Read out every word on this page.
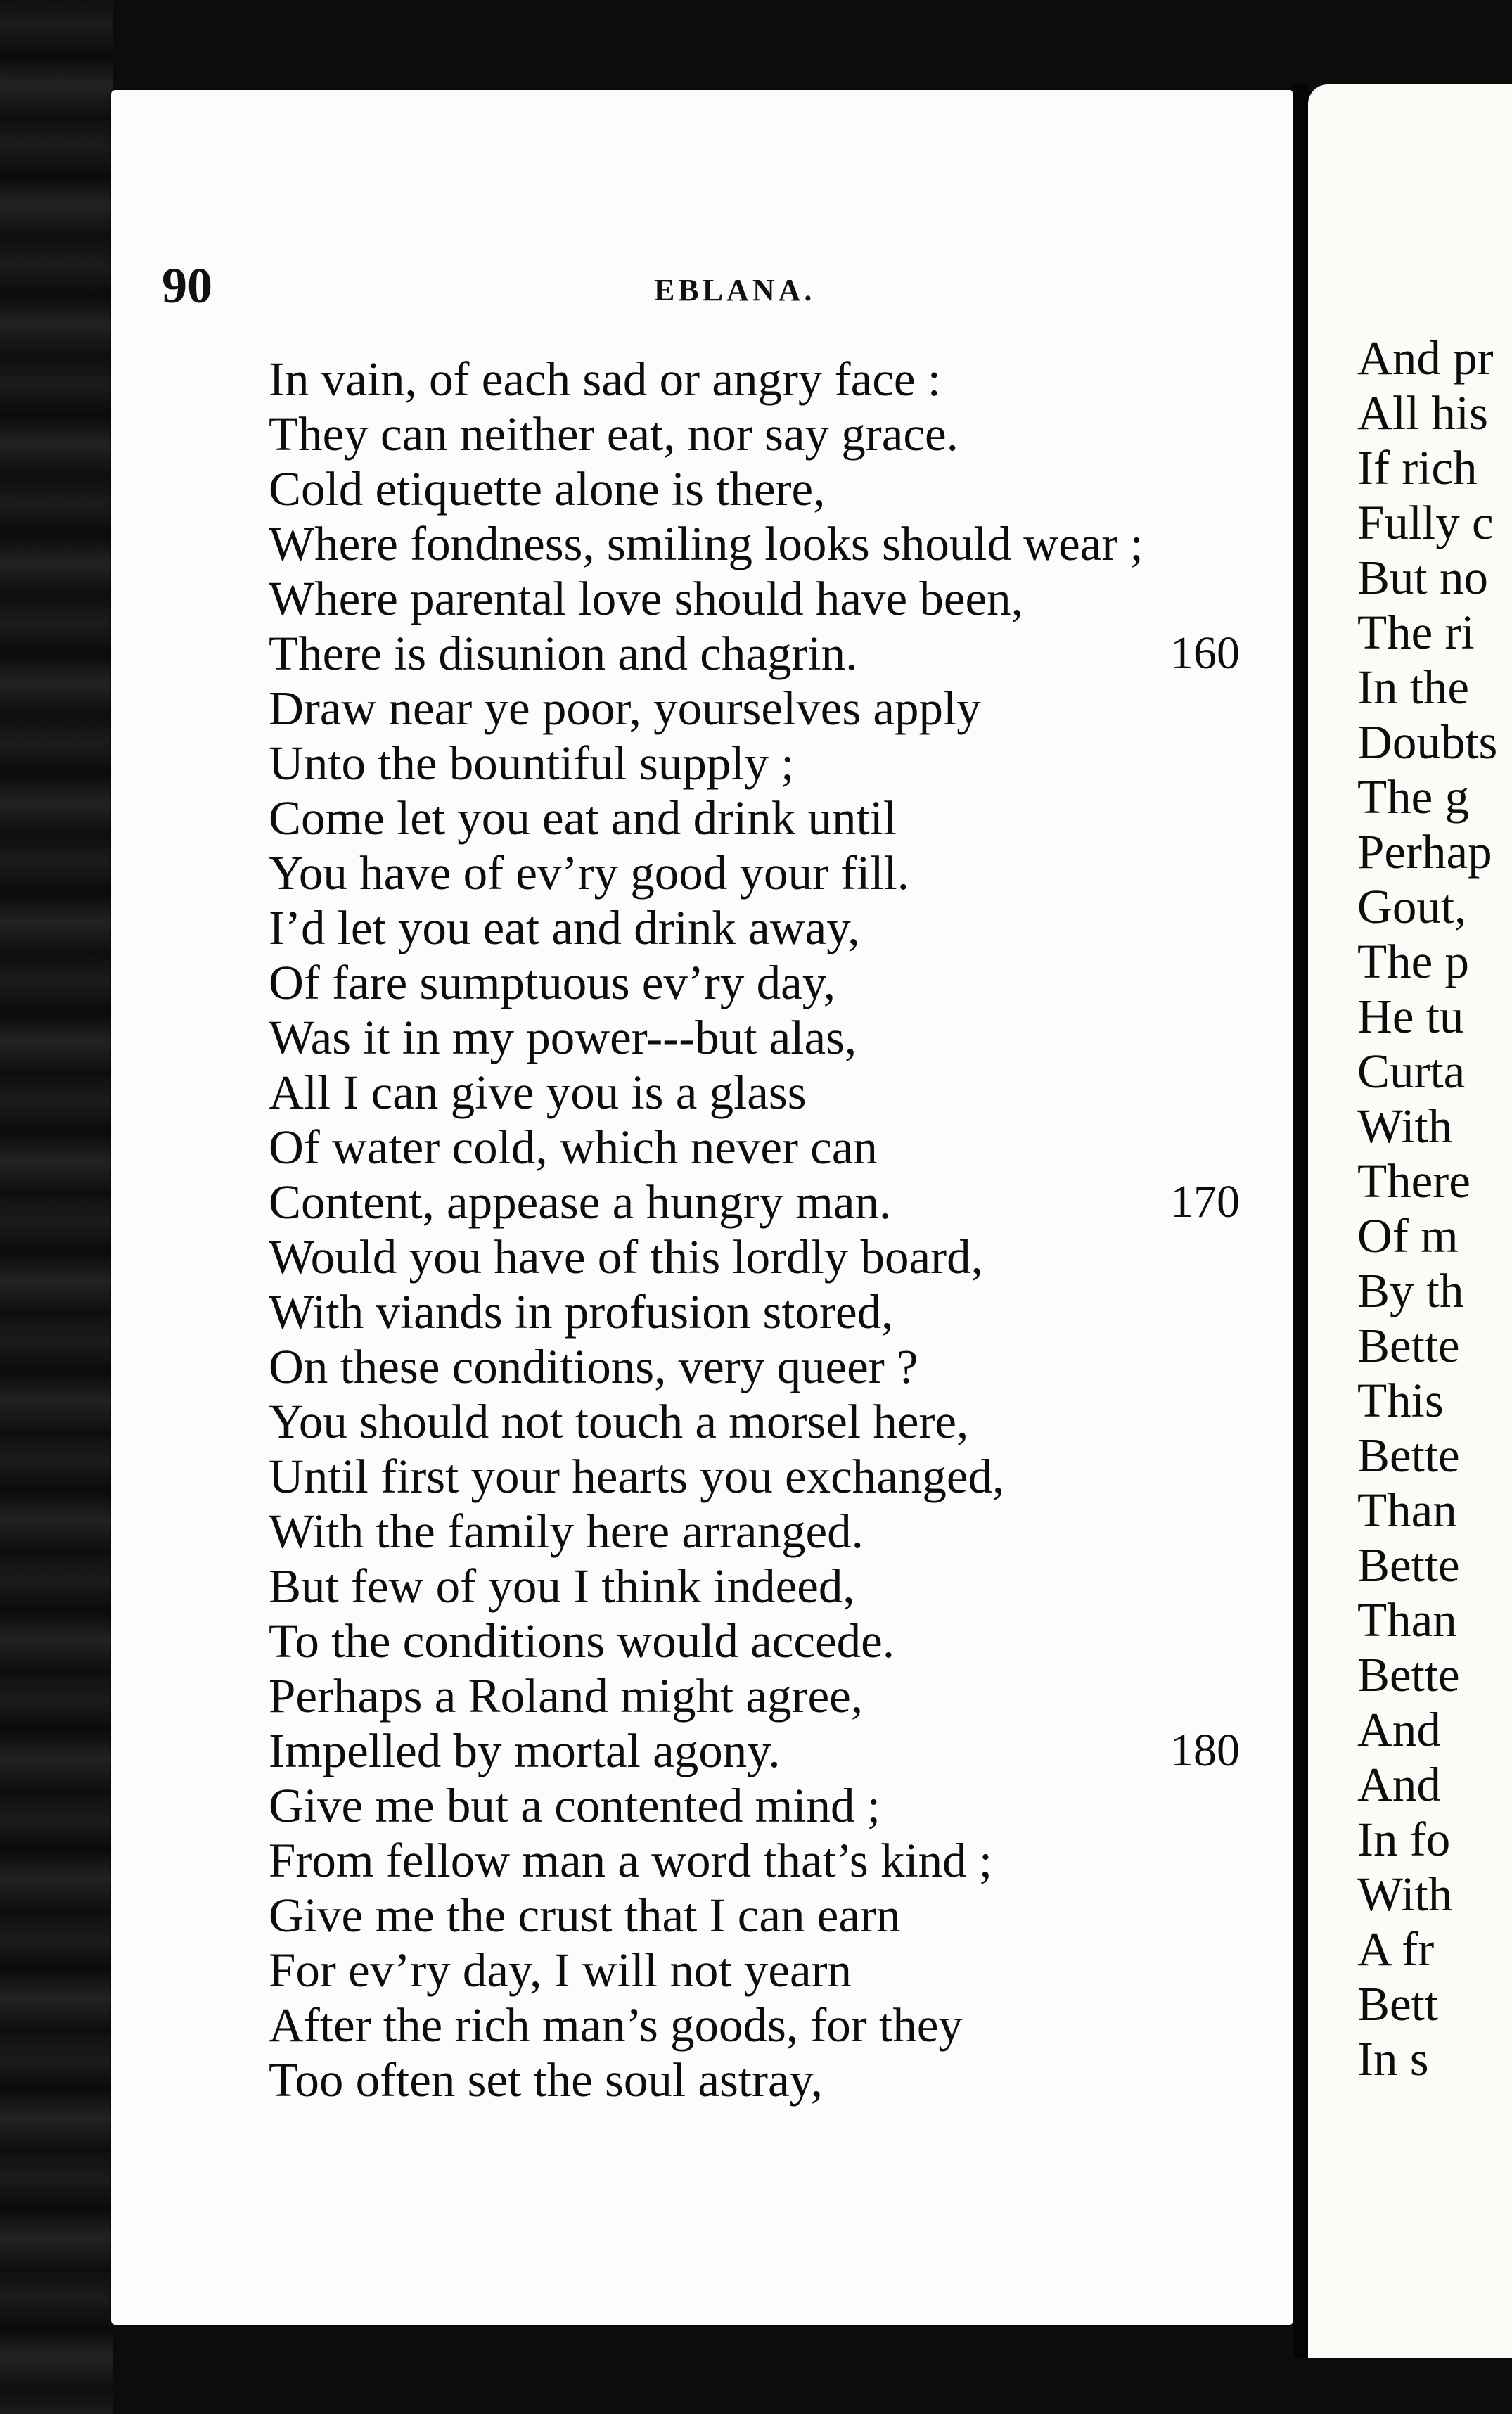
90	EBLANA.
In vain, of each sad or angry face :
They can neither eat, nor say grace.
Cold etiquette alone is there,
Where fondness, smiling looks should wear ;
Where parental love should have been,
There is disunion and chagrin.	160
Draw near ye poor, yourselves apply
Unto the bountiful supply ;
Come let you eat and drink until
You have of ev’ry good your fill.
I’d let you eat and drink away,
Of fare sumptuous ev’ry day,
Was it in my power---but alas,
All I can give you is a glass
Of water cold, which never can
Content, appease a hungry man.	170
Would you have of this lordly board,
With viands in profusion stored,
On these conditions, very queer ?
You should not touch a morsel here,
Until first your hearts you exchanged,
With the family here arranged.
But few of you I think indeed,
To the conditions would accede.
Perhaps a Roland might agree,
Impelled by mortal agony.	180
Give me but a contented mind ;
From fellow man a word that’s kind ;
Give me the crust that I can earn
For ev’ry day, I will not yearn
After the rich man’s goods, for they
Too often set the soul astray,
And pr
All his
If rich
Fully c
But no
The ri
In the
Doubts
The g
Perhap
Gout,
The p
He tu
Curta
With
There
Of m
By th
Bette
This
Bette
Than
Bette
Than
Bette
And
And
In fo
With
A fr
Bett
In s
